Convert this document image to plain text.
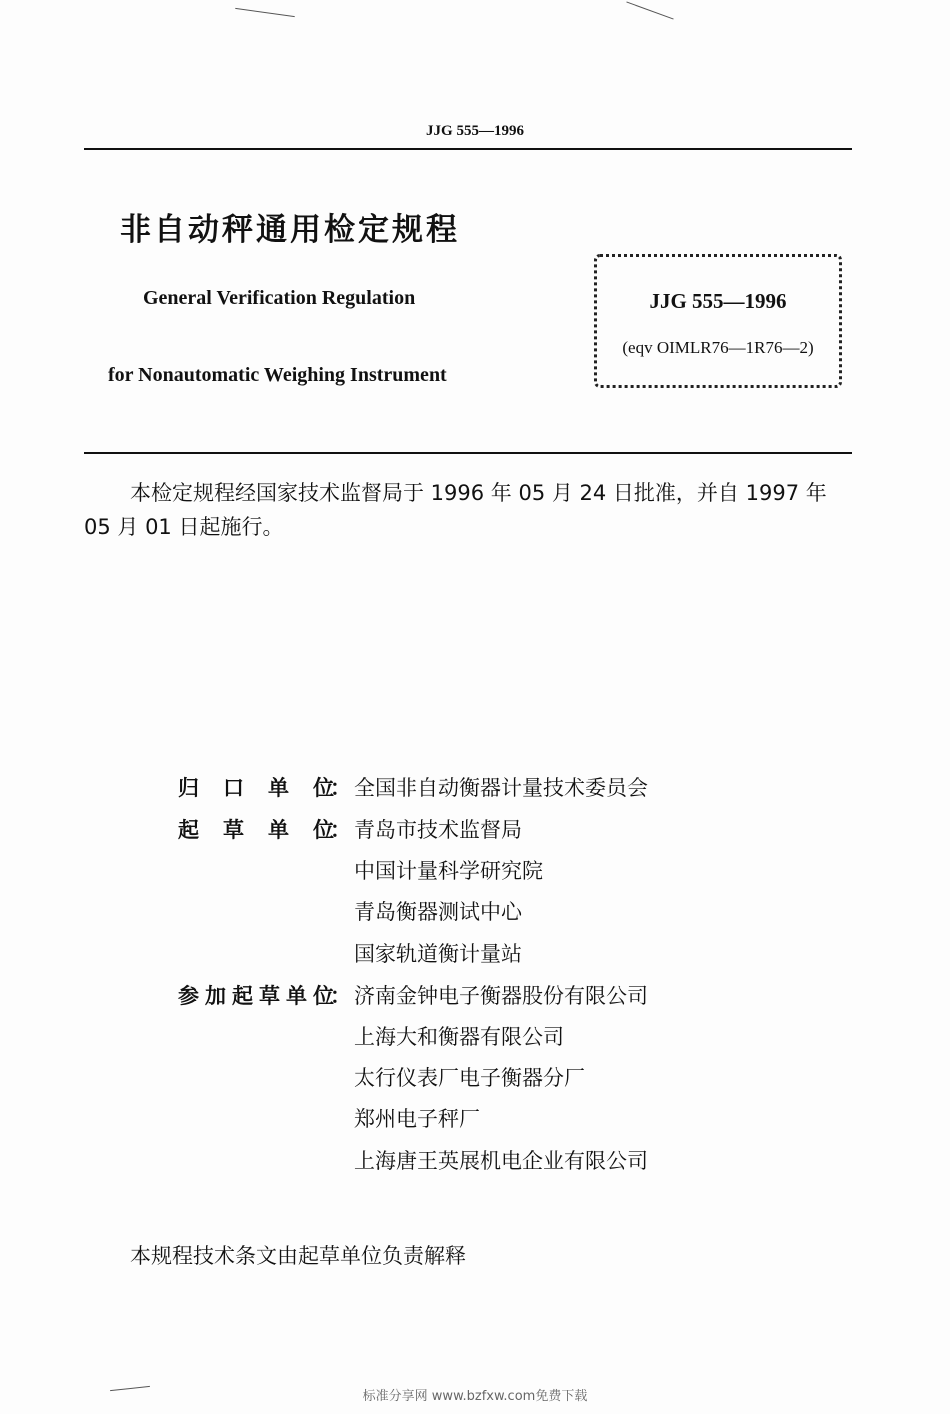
JJG 555—1996
非自动秤通用检定规程
General Verification Regulation
for Nonautomatic Weighing Instrument
JJG 555—1996
(eqv OIMLR76—1R76—2)
本检定规程经国家技术监督局于 1996 年 05 月 24 日批准，并自 1997 年 05 月 01 日起施行。
归口单位
： 全国非自动衡器计量技术委员会
起草单位
： 青岛市技术监督局
中国计量科学研究院
青岛衡器测试中心
国家轨道衡计量站
参加起草单位
： 济南金钟电子衡器股份有限公司
上海大和衡器有限公司
太行仪表厂电子衡器分厂
郑州电子秤厂
上海唐王英展机电企业有限公司
本规程技术条文由起草单位负责解释
标准分享网 www.bzfxw.com免费下载
